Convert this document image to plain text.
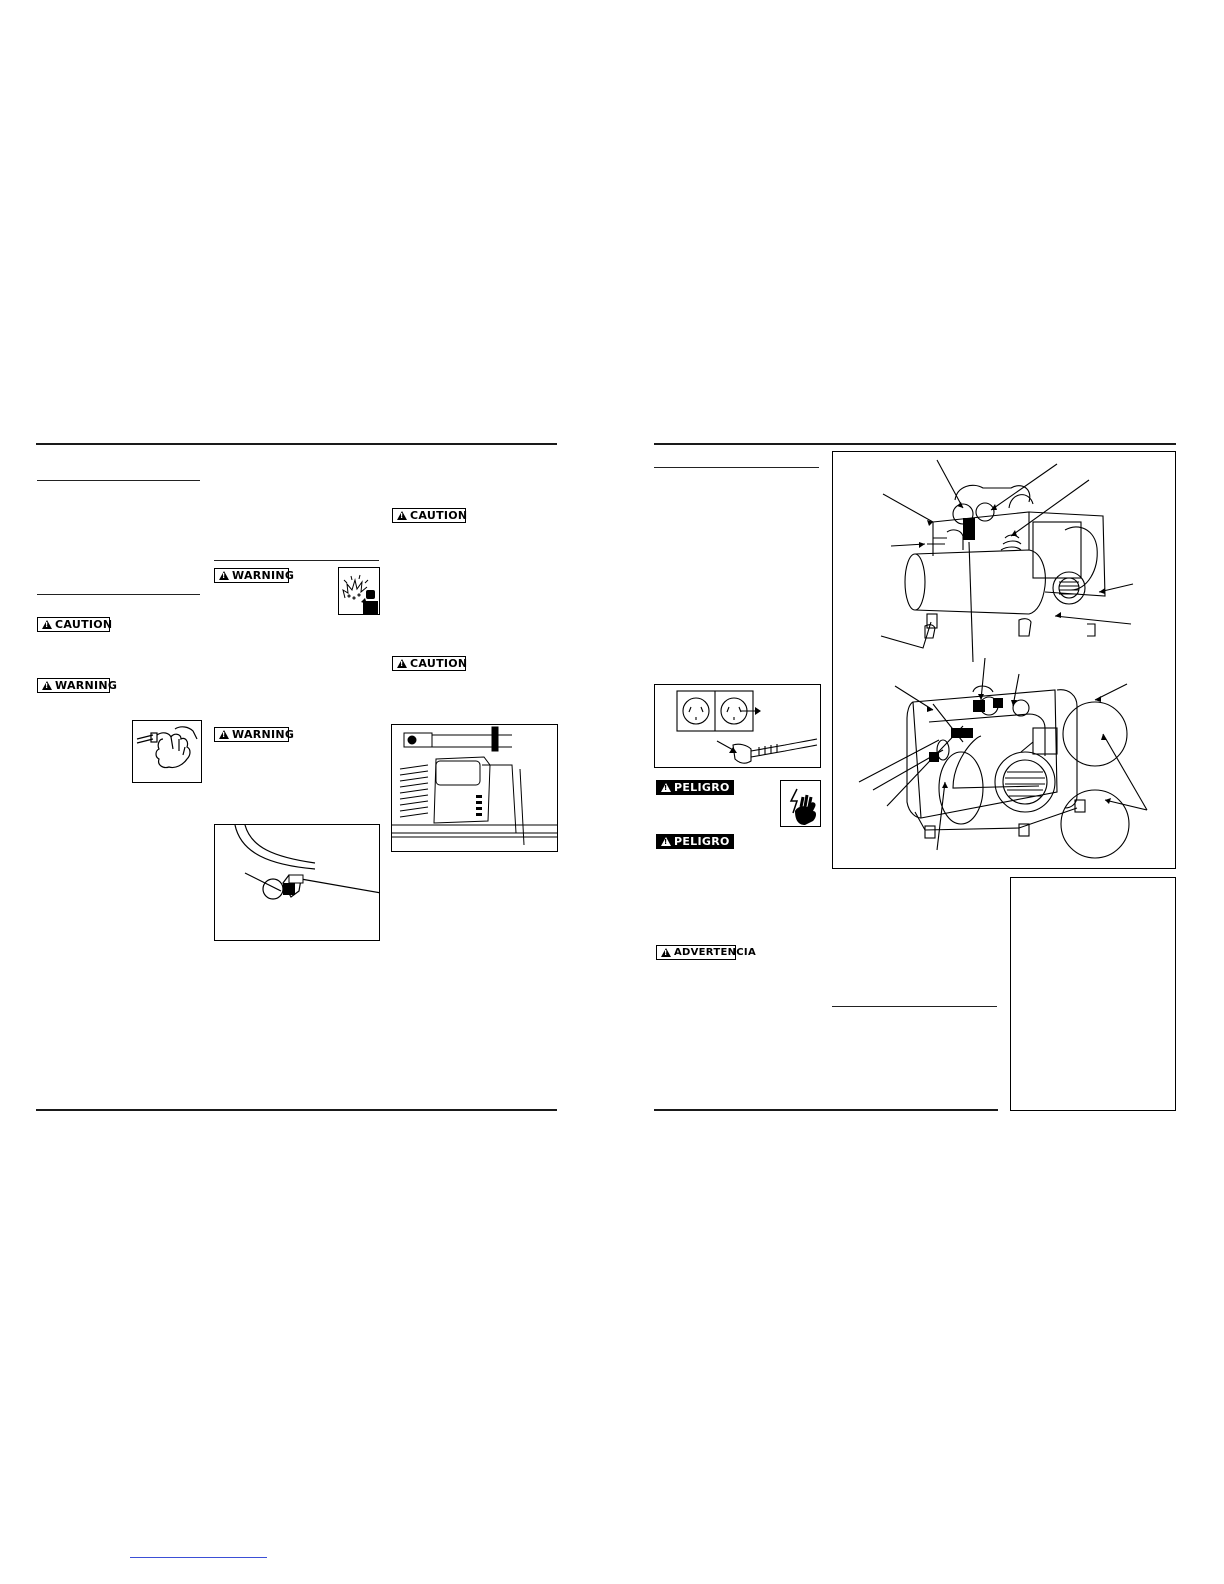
!
CAUTION
!
WARNING
!
WARNING
!
WARNING
!
CAUTION
!
CAUTION
!
PELIGRO
!
PELIGRO
!
ADVERTENCIA
